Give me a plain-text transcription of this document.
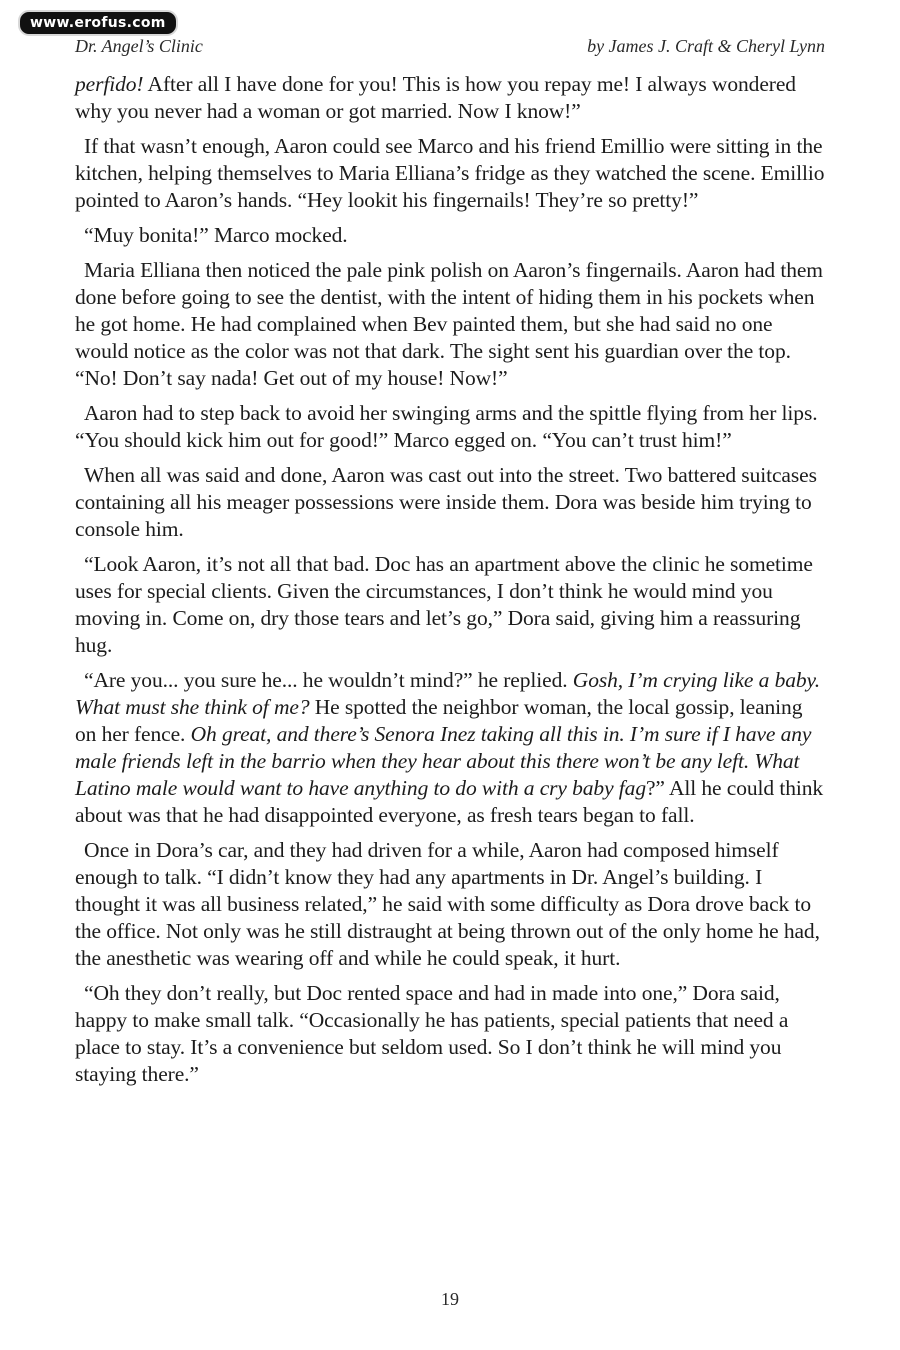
www.erofus.com
Dr. Angel’s Clinic	by James J. Craft & Cheryl Lynn

perfido! After all I have done for you! This is how you repay me! I always wondered why you never had a woman or got married. Now I know!”

If that wasn’t enough, Aaron could see Marco and his friend Emillio were sitting in the kitchen, helping themselves to Maria Elliana’s fridge as they watched the scene. Emillio pointed to Aaron’s hands. “Hey lookit his fingernails! They’re so pretty!”

“Muy bonita!” Marco mocked.

Maria Elliana then noticed the pale pink polish on Aaron’s fingernails. Aaron had them done before going to see the dentist, with the intent of hiding them in his pockets when he got home. He had complained when Bev painted them, but she had said no one would notice as the color was not that dark. The sight sent his guardian over the top. “No! Don’t say nada! Get out of my house! Now!”

Aaron had to step back to avoid her swinging arms and the spittle flying from her lips. “You should kick him out for good!” Marco egged on. “You can’t trust him!”

When all was said and done, Aaron was cast out into the street. Two battered suitcases containing all his meager possessions were inside them. Dora was beside him trying to console him.

“Look Aaron, it’s not all that bad. Doc has an apartment above the clinic he sometime uses for special clients. Given the circumstances, I don’t think he would mind you moving in. Come on, dry those tears and let’s go,” Dora said, giving him a reassuring hug.

“Are you... you sure he... he wouldn’t mind?” he replied. Gosh, I’m crying like a baby. What must she think of me? He spotted the neighbor woman, the local gossip, leaning on her fence. Oh great, and there’s Senora Inez taking all this in. I’m sure if I have any male friends left in the barrio when they hear about this there won’t be any left. What Latino male would want to have anything to do with a cry baby fag?” All he could think about was that he had disappointed everyone, as fresh tears began to fall.

Once in Dora’s car, and they had driven for a while, Aaron had composed himself enough to talk. “I didn’t know they had any apartments in Dr. Angel’s building. I thought it was all business related,” he said with some difficulty as Dora drove back to the office. Not only was he still distraught at being thrown out of the only home he had, the anesthetic was wearing off and while he could speak, it hurt.

“Oh they don’t really, but Doc rented space and had in made into one,” Dora said, happy to make small talk. “Occasionally he has patients, special patients that need a place to stay. It’s a convenience but seldom used. So I don’t think he will mind you staying there.”

19
